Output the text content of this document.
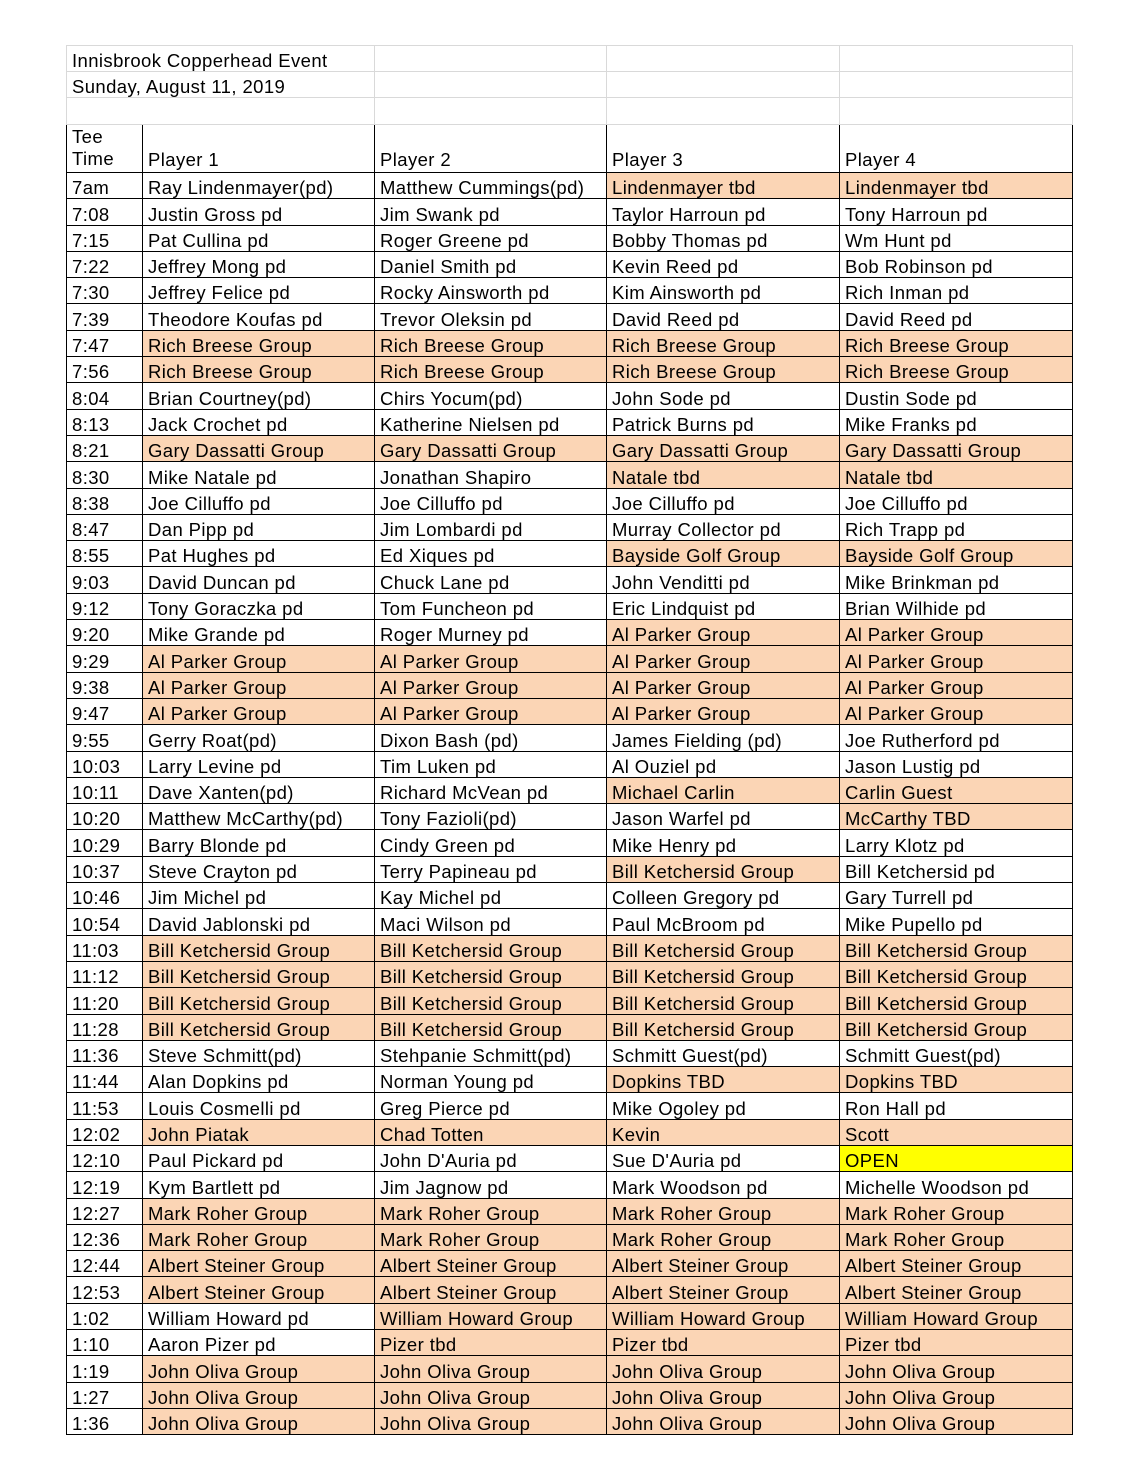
Innisbrook Copperhead Event				
Sunday, August 11, 2019				

Tee
Time	Player 1	Player 2	Player 3	Player 4
7am	Ray Lindenmayer(pd)	Matthew Cummings(pd)	Lindenmayer tbd	Lindenmayer tbd
7:08	Justin Gross pd	Jim Swank pd	Taylor Harroun pd	Tony Harroun pd
7:15	Pat Cullina pd	Roger Greene pd	Bobby Thomas pd	Wm Hunt pd
7:22	Jeffrey Mong pd	Daniel Smith pd	Kevin Reed pd	Bob Robinson pd
7:30	Jeffrey Felice pd	Rocky Ainsworth pd	Kim Ainsworth pd	Rich Inman pd
7:39	Theodore Koufas pd	Trevor Oleksin pd	David Reed pd	David Reed pd
7:47	Rich Breese Group	Rich Breese Group	Rich Breese Group	Rich Breese Group
7:56	Rich Breese Group	Rich Breese Group	Rich Breese Group	Rich Breese Group
8:04	Brian Courtney(pd)	Chirs Yocum(pd)	John Sode pd	Dustin Sode pd
8:13	Jack Crochet pd	Katherine Nielsen pd	Patrick Burns pd	Mike Franks pd
8:21	Gary Dassatti Group	Gary Dassatti Group	Gary Dassatti Group	Gary Dassatti Group
8:30	Mike Natale pd	Jonathan Shapiro	Natale tbd	Natale tbd
8:38	Joe Cilluffo pd	Joe Cilluffo pd	Joe Cilluffo pd	Joe Cilluffo pd
8:47	Dan Pipp pd	Jim Lombardi pd	Murray Collector pd	Rich Trapp pd
8:55	Pat Hughes pd	Ed Xiques pd	Bayside Golf Group	Bayside Golf Group
9:03	David Duncan pd	Chuck Lane pd	John Venditti pd	Mike Brinkman pd
9:12	Tony Goraczka pd	Tom Funcheon pd	Eric Lindquist pd	Brian Wilhide pd
9:20	Mike Grande pd	Roger Murney pd	Al Parker Group	Al Parker Group
9:29	Al Parker Group	Al Parker Group	Al Parker Group	Al Parker Group
9:38	Al Parker Group	Al Parker Group	Al Parker Group	Al Parker Group
9:47	Al Parker Group	Al Parker Group	Al Parker Group	Al Parker Group
9:55	Gerry Roat(pd)	Dixon Bash (pd)	James Fielding (pd)	Joe Rutherford pd
10:03	Larry Levine pd	Tim Luken pd	Al Ouziel pd	Jason Lustig pd
10:11	Dave Xanten(pd)	Richard McVean pd	Michael Carlin	Carlin Guest
10:20	Matthew McCarthy(pd)	Tony Fazioli(pd)	Jason Warfel pd	McCarthy TBD
10:29	Barry Blonde pd	Cindy Green pd	Mike Henry pd	Larry Klotz pd
10:37	Steve Crayton pd	Terry Papineau pd	Bill Ketchersid Group	Bill Ketchersid pd
10:46	Jim Michel pd	Kay Michel pd	Colleen Gregory pd	Gary Turrell pd
10:54	David Jablonski pd	Maci Wilson pd	Paul McBroom pd	Mike Pupello pd
11:03	Bill Ketchersid Group	Bill Ketchersid Group	Bill Ketchersid Group	Bill Ketchersid Group
11:12	Bill Ketchersid Group	Bill Ketchersid Group	Bill Ketchersid Group	Bill Ketchersid Group
11:20	Bill Ketchersid Group	Bill Ketchersid Group	Bill Ketchersid Group	Bill Ketchersid Group
11:28	Bill Ketchersid Group	Bill Ketchersid Group	Bill Ketchersid Group	Bill Ketchersid Group
11:36	Steve Schmitt(pd)	Stehpanie Schmitt(pd)	Schmitt Guest(pd)	Schmitt Guest(pd)
11:44	Alan Dopkins pd	Norman Young pd	Dopkins TBD	Dopkins TBD
11:53	Louis Cosmelli pd	Greg Pierce pd	Mike Ogoley pd	Ron Hall pd
12:02	John Piatak	Chad Totten	Kevin	Scott
12:10	Paul Pickard pd	John D'Auria pd	Sue D'Auria pd	OPEN
12:19	Kym Bartlett pd	Jim Jagnow pd	Mark Woodson pd	Michelle Woodson pd
12:27	Mark Roher Group	Mark Roher Group	Mark Roher Group	Mark Roher Group
12:36	Mark Roher Group	Mark Roher Group	Mark Roher Group	Mark Roher Group
12:44	Albert Steiner Group	Albert Steiner Group	Albert Steiner Group	Albert Steiner Group
12:53	Albert Steiner Group	Albert Steiner Group	Albert Steiner Group	Albert Steiner Group
1:02	William Howard pd	William Howard Group	William Howard Group	William Howard Group
1:10	Aaron Pizer pd	Pizer tbd	Pizer tbd	Pizer tbd
1:19	John Oliva Group	John Oliva Group	John Oliva Group	John Oliva Group
1:27	John Oliva Group	John Oliva Group	John Oliva Group	John Oliva Group
1:36	John Oliva Group	John Oliva Group	John Oliva Group	John Oliva Group
